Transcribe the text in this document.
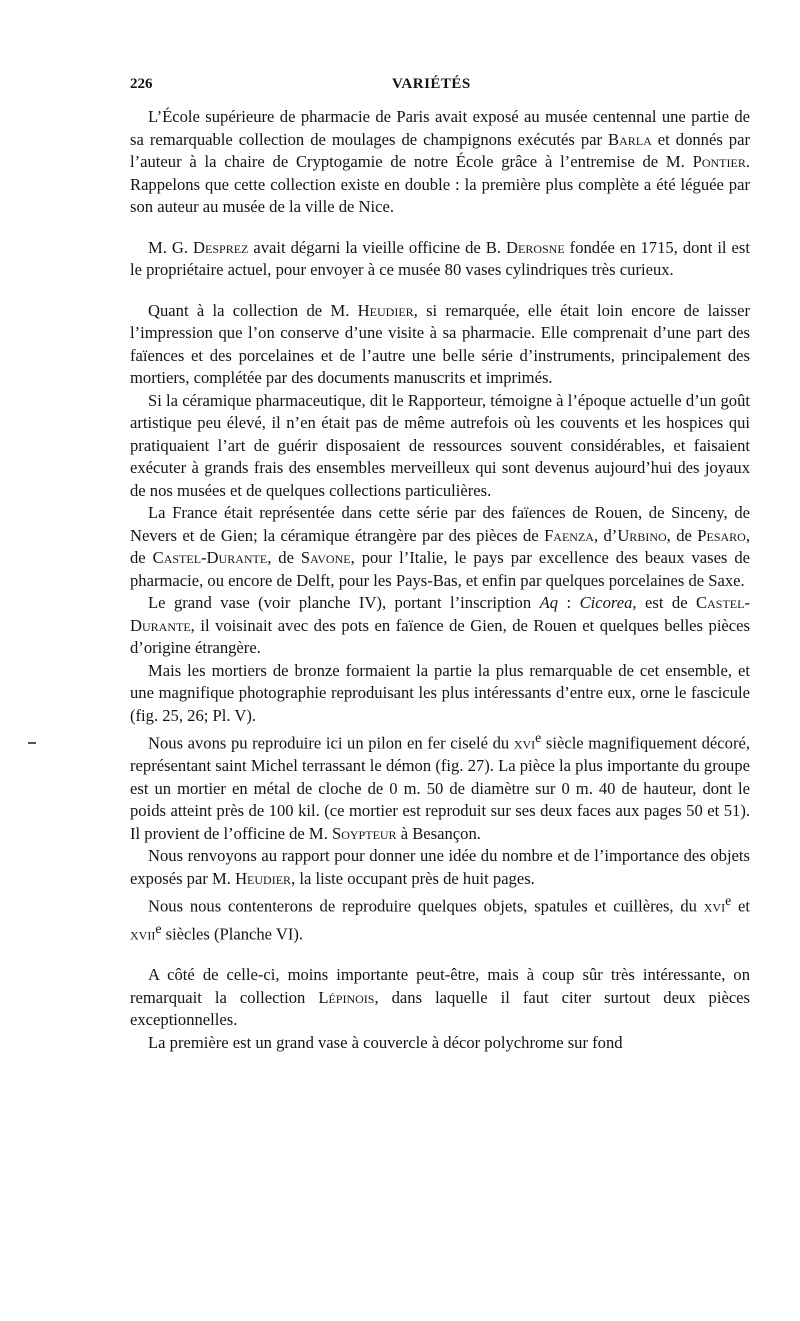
226	VARIÉTÉS

L’École supérieure de pharmacie de Paris avait exposé au musée centennal une partie de sa remarquable collection de moulages de champignons exécutés par Barla et donnés par l’auteur à la chaire de Cryptogamie de notre École grâce à l’entremise de M. Pontier. Rappelons que cette collection existe en double : la première plus complète a été léguée par son auteur au musée de la ville de Nice.

M. G. Desprez avait dégarni la vieille officine de B. Derosne fondée en 1715, dont il est le propriétaire actuel, pour envoyer à ce musée 80 vases cylindriques très curieux.

Quant à la collection de M. Heudier, si remarquée, elle était loin encore de laisser l’impression que l’on conserve d’une visite à sa pharmacie. Elle comprenait d’une part des faïences et des porcelaines et de l’autre une belle série d’instruments, principalement des mortiers, complétée par des documents manuscrits et imprimés.

Si la céramique pharmaceutique, dit le Rapporteur, témoigne à l’époque actuelle d’un goût artistique peu élevé, il n’en était pas de même autrefois où les couvents et les hospices qui pratiquaient l’art de guérir disposaient de ressources souvent considérables, et faisaient exécuter à grands frais des ensembles merveilleux qui sont devenus aujourd’hui des joyaux de nos musées et de quelques collections particulières.

La France était représentée dans cette série par des faïences de Rouen, de Sinceny, de Nevers et de Gien; la céramique étrangère par des pièces de Faenza, d’Urbino, de Pesaro, de Castel-Durante, de Savone, pour l’Italie, le pays par excellence des beaux vases de pharmacie, ou encore de Delft, pour les Pays-Bas, et enfin par quelques porcelaines de Saxe.

Le grand vase (voir planche IV), portant l’inscription Aq : Cicorea, est de Castel-Durante, il voisinait avec des pots en faïence de Gien, de Rouen et quelques belles pièces d’origine étrangère.

Mais les mortiers de bronze formaient la partie la plus remarquable de cet ensemble, et une magnifique photographie reproduisant les plus intéressants d’entre eux, orne le fascicule (fig. 25, 26; Pl. V).

Nous avons pu reproduire ici un pilon en fer ciselé du xvi$^e$ siècle magnifiquement décoré, représentant saint Michel terrassant le démon (fig. 27). La pièce la plus importante du groupe est un mortier en métal de cloche de 0 m. 50 de diamètre sur 0 m. 40 de hauteur, dont le poids atteint près de 100 kil. (ce mortier est reproduit sur ses deux faces aux pages 50 et 51). Il provient de l’officine de M. Soypteur à Besançon.

Nous renvoyons au rapport pour donner une idée du nombre et de l’importance des objets exposés par M. Heudier, la liste occupant près de huit pages.

Nous nous contenterons de reproduire quelques objets, spatules et cuillères, du xvi$^e$ et xvii$^e$ siècles (Planche VI).

A côté de celle-ci, moins importante peut-être, mais à coup sûr très intéressante, on remarquait la collection Lépinois, dans laquelle il faut citer surtout deux pièces exceptionnelles.

La première est un grand vase à couvercle à décor polychrome sur fond
